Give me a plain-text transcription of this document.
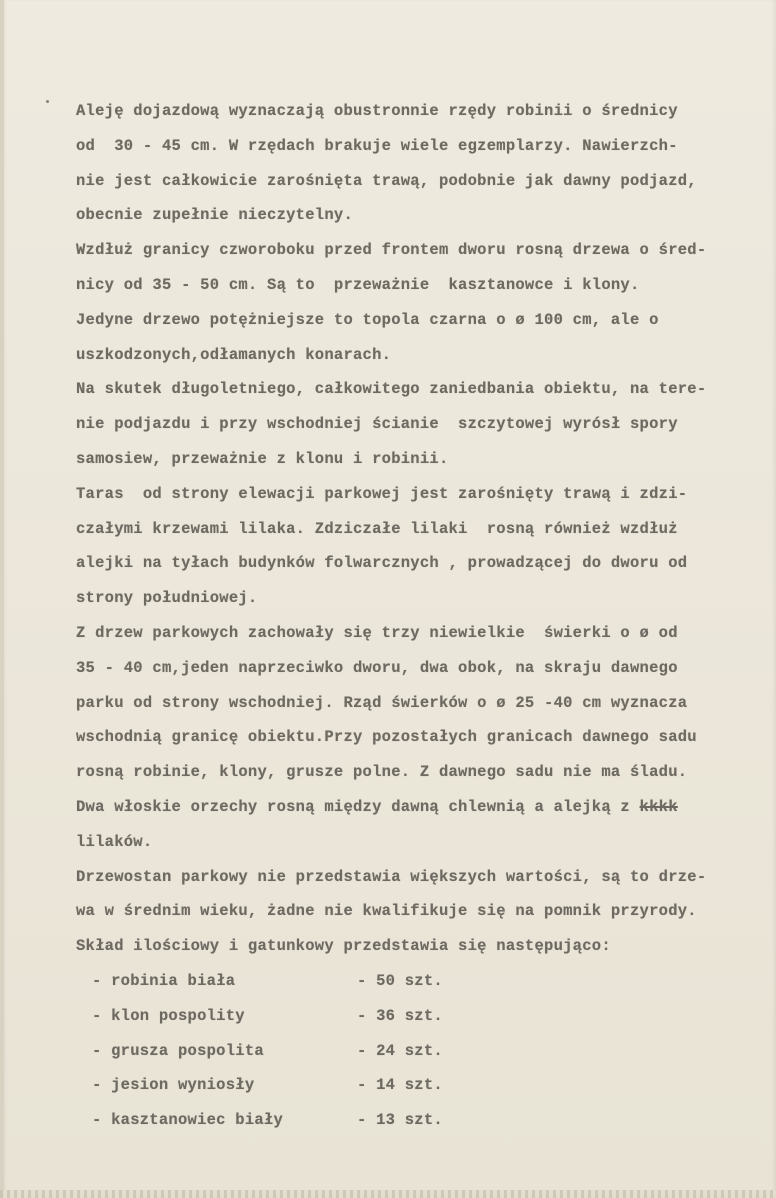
Aleję dojazdową wyznaczają obustronnie rzędy robinii o średnicy
od  30 - 45 cm. W rzędach brakuje wiele egzemplarzy. Nawierzch-
nie jest całkowicie zarośnięta trawą, podobnie jak dawny podjazd,
obecnie zupełnie nieczytelny.
Wzdłuż granicy czworoboku przed frontem dworu rosną drzewa o śred-
nicy od 35 - 50 cm. Są to  przeważnie  kasztanowce i klony.
Jedyne drzewo potężniejsze to topola czarna o ø 100 cm, ale o
uszkodzonych,odłamanych konarach.
Na skutek długoletniego, całkowitego zaniedbania obiektu, na tere-
nie podjazdu i przy wschodniej ścianie  szczytowej wyrósł spory
samosiew, przeważnie z klonu i robinii.
Taras  od strony elewacji parkowej jest zarośnięty trawą i zdzi-
czałymi krzewami lilaka. Zdziczałe lilaki  rosną również wzdłuż
alejki na tyłach budynków folwarcznych , prowadzącej do dworu od
strony południowej.
Z drzew parkowych zachowały się trzy niewielkie  świerki o ø od
35 - 40 cm,jeden naprzeciwko dworu, dwa obok, na skraju dawnego
parku od strony wschodniej. Rząd świerków o ø 25 -40 cm wyznacza
wschodnią granicę obiektu.Przy pozostałych granicach dawnego sadu
rosną robinie, klony, grusze polne. Z dawnego sadu nie ma śladu.
Dwa włoskie orzechy rosną między dawną chlewnią a alejką z kkkk
lilaków.
Drzewostan parkowy nie przedstawia większych wartości, są to drze-
wa w średnim wieku, żadne nie kwalifikuje się na pomnik przyrody.
Skład ilościowy i gatunkowy przedstawia się następująco:
- robinia biała	- 50 szt.
- klon pospolity	- 36 szt.
- grusza pospolita	- 24 szt.
- jesion wyniosły	- 14 szt.
- kasztanowiec biały	- 13 szt.
